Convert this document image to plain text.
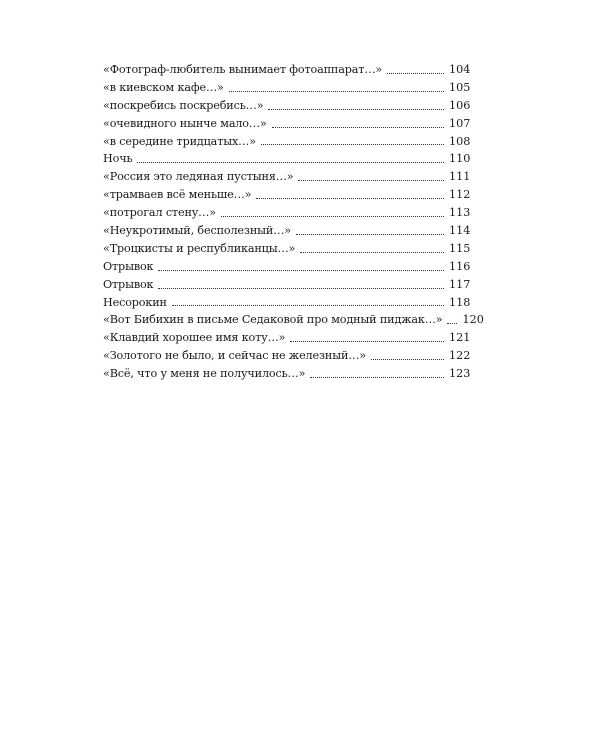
«Фотограф-любитель вынимает фотоаппарат…»	104
«в киевском кафе…»	105
«поскребись поскребись…»	106
«очевидного нынче мало…»	107
«в середине тридцатых…»	108
Ночь	110
«Россия это ледяная пустыня…»	111
«трамваев всё меньше…»	112
«потрогал стену…»	113
«Неукротимый, бесполезный…»	114
«Троцкисты и республиканцы…»	115
Отрывок	116
Отрывок	117
Несорокин	118
«Вот Бибихин в письме Седаковой про модный пиджак…» 120
«Клавдий хорошее имя коту…»	121
«Золотого не было, и сейчас не железный…»	122
«Всё, что у меня не получилось…»	123
